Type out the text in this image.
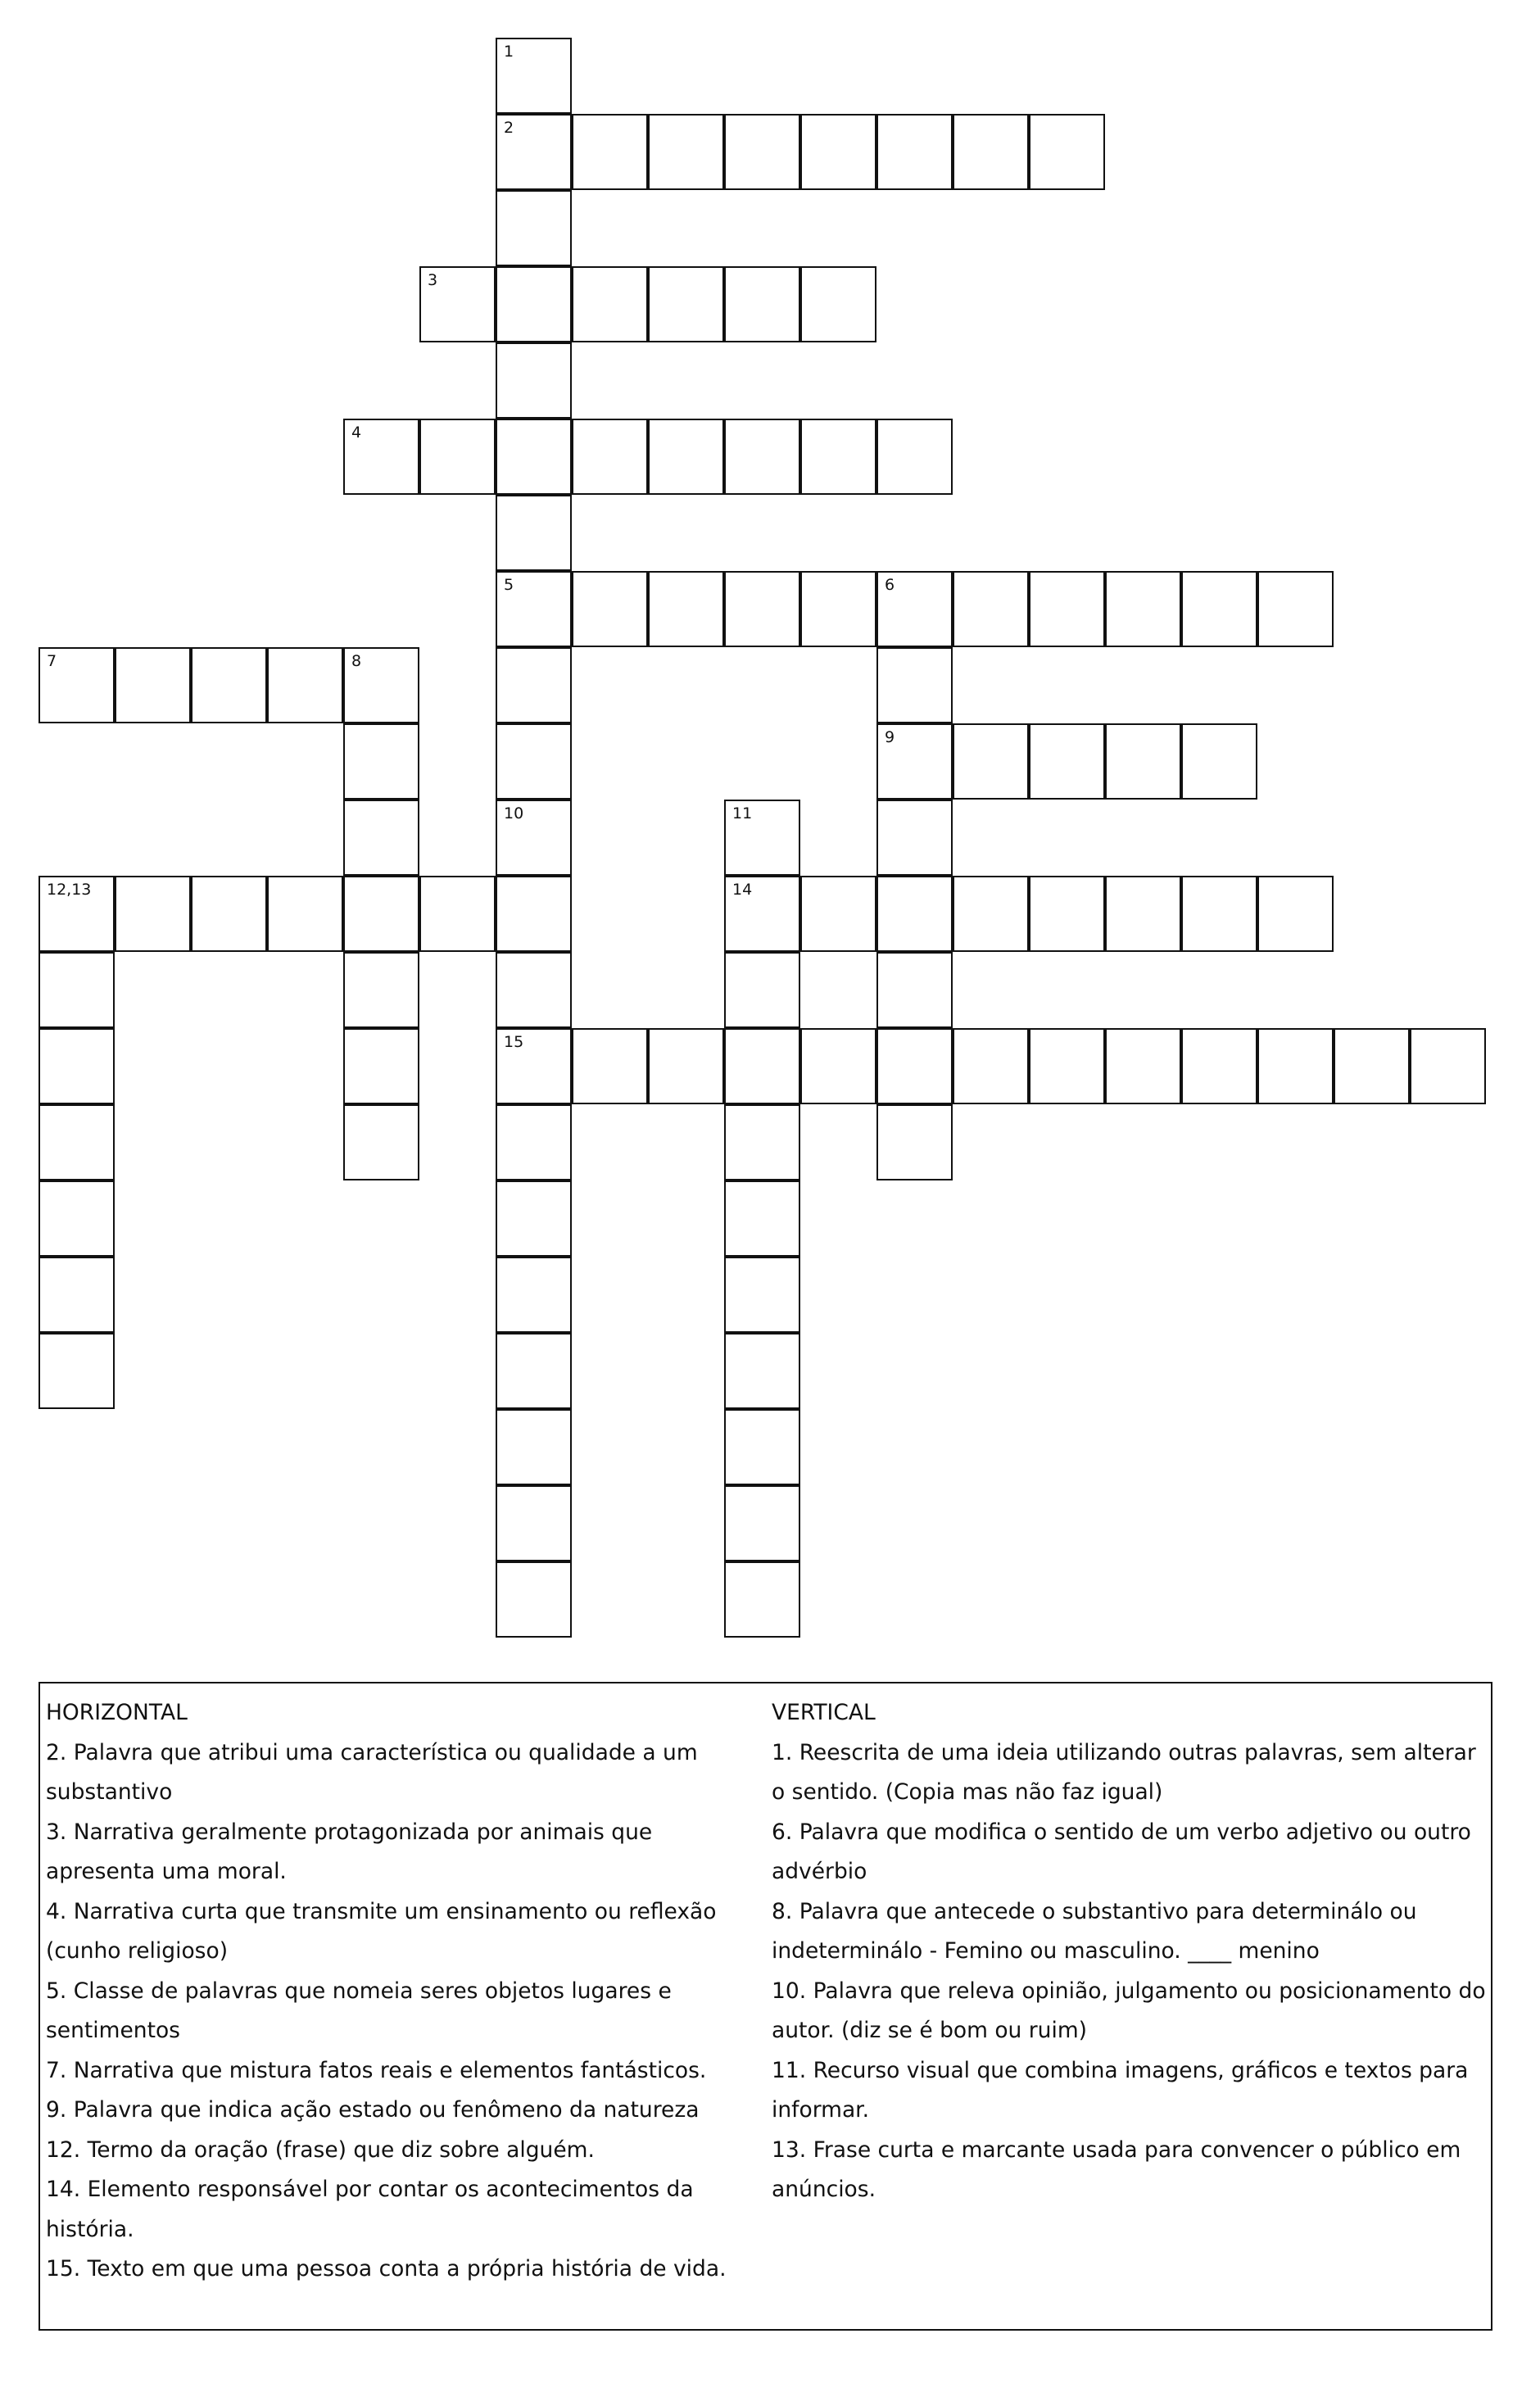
1
2
5
10
3
4
6
9
7	8
15
11
14
12,13
HORIZONTAL
2. Palavra que atribui uma característica ou qualidade a um
substantivo
3. Narrativa geralmente protagonizada por animais que
apresenta uma moral.
4. Narrativa curta que transmite um ensinamento ou reflexão
(cunho religioso)
5. Classe de palavras que nomeia seres objetos lugares e
sentimentos
7. Narrativa que mistura fatos reais e elementos fantásticos.
9. Palavra que indica ação estado ou fenômeno da natureza
12. Termo da oração (frase) que diz sobre alguém.
14. Elemento responsável por contar os acontecimentos da
história.
15. Texto em que uma pessoa conta a própria história de vida.
VERTICAL
1. Reescrita de uma ideia utilizando outras palavras, sem alterar
o sentido. (Copia mas não faz igual)
6. Palavra que modifica o sentido de um verbo adjetivo ou outro
advérbio
8. Palavra que antecede o substantivo para determinálo ou
indeterminálo - Femino ou masculino. ____ menino
10. Palavra que releva opinião, julgamento ou posicionamento do
autor. (diz se é bom ou ruim)
11. Recurso visual que combina imagens, gráficos e textos para
informar.
13. Frase curta e marcante usada para convencer o público em
anúncios.
